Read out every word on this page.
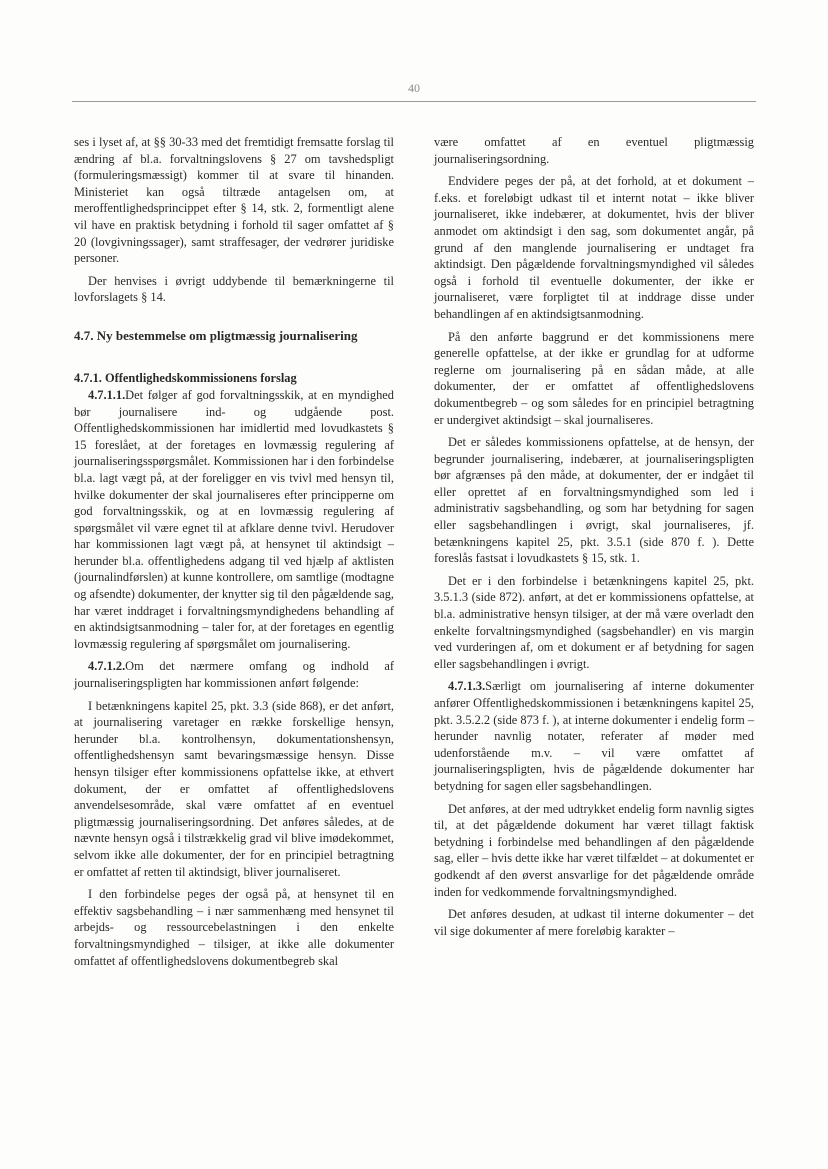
40

ses i lyset af, at §§ 30-33 med det fremtidigt fremsatte forslag til ændring af bl.a. forvaltningslovens § 27 om tavshedspligt (formuleringsmæssigt) kommer til at svare til hinanden. Ministeriet kan også tiltræde antagelsen om, at meroffentlighedsprincippet efter § 14, stk. 2, formentligt alene vil have en praktisk betydning i forhold til sager omfattet af § 20 (lovgivningssager), samt straffesager, der vedrører juridiske personer.

Der henvises i øvrigt uddybende til bemærkningerne til lovforslagets § 14.

4.7. Ny bestemmelse om pligtmæssig journalisering
4.7.1. Offentlighedskommissionens forslag

4.7.1.1.Det følger af god forvaltningsskik, at en myndighed bør journalisere ind- og udgående post. Offentlighedskommissionen har imidlertid med lovudkastets § 15 foreslået, at der foretages en lovmæssig regulering af journaliseringsspørgsmålet. Kommissionen har i den forbindelse bl.a. lagt vægt på, at der foreligger en vis tvivl med hensyn til, hvilke dokumenter der skal journaliseres efter principperne om god forvaltningsskik, og at en lovmæssig regulering af spørgsmålet vil være egnet til at afklare denne tvivl. Herudover har kommissionen lagt vægt på, at hensynet til aktindsigt – herunder bl.a. offentlighedens adgang til ved hjælp af aktlisten (journalindførslen) at kunne kontrollere, om samtlige (modtagne og afsendte) dokumenter, der knytter sig til den pågældende sag, har været inddraget i forvaltningsmyndighedens behandling af en aktindsigtsanmodning – taler for, at der foretages en egentlig lovmæssig regulering af spørgsmålet om journalisering.

4.7.1.2.Om det nærmere omfang og indhold af journaliseringspligten har kommissionen anført følgende:

I betænkningens kapitel 25, pkt. 3.3 (side 868), er det anført, at journalisering varetager en række forskellige hensyn, herunder bl.a. kontrolhensyn, dokumentationshensyn, offentlighedshensyn samt bevaringsmæssige hensyn. Disse hensyn tilsiger efter kommissionens opfattelse ikke, at ethvert dokument, der er omfattet af offentlighedslovens anvendelsesområde, skal være omfattet af en eventuel pligtmæssig journaliseringsordning. Det anføres således, at de nævnte hensyn også i tilstrækkelig grad vil blive imødekommet, selvom ikke alle dokumenter, der for en principiel betragtning er omfattet af retten til aktindsigt, bliver journaliseret.

I den forbindelse peges der også på, at hensynet til en effektiv sagsbehandling – i nær sammenhæng med hensynet til arbejds- og ressourcebelastningen i den enkelte forvaltningsmyndighed – tilsiger, at ikke alle dokumenter omfattet af offentlighedslovens dokumentbegreb skal

være omfattet af en eventuel pligtmæssig journaliseringsordning.

Endvidere peges der på, at det forhold, at et dokument – f.eks. et foreløbigt udkast til et internt notat – ikke bliver journaliseret, ikke indebærer, at dokumentet, hvis der bliver anmodet om aktindsigt i den sag, som dokumentet angår, på grund af den manglende journalisering er undtaget fra aktindsigt. Den pågældende forvaltningsmyndighed vil således også i forhold til eventuelle dokumenter, der ikke er journaliseret, være forpligtet til at inddrage disse under behandlingen af en aktindsigtsanmodning.

På den anførte baggrund er det kommissionens mere generelle opfattelse, at der ikke er grundlag for at udforme reglerne om journalisering på en sådan måde, at alle dokumenter, der er omfattet af offentlighedslovens dokumentbegreb – og som således for en principiel betragtning er undergivet aktindsigt – skal journaliseres.

Det er således kommissionens opfattelse, at de hensyn, der begrunder journalisering, indebærer, at journaliseringspligten bør afgrænses på den måde, at dokumenter, der er indgået til eller oprettet af en forvaltningsmyndighed som led i administrativ sagsbehandling, og som har betydning for sagen eller sagsbehandlingen i øvrigt, skal journaliseres, jf. betænkningens kapitel 25, pkt. 3.5.1 (side 870 f. ). Dette foreslås fastsat i lovudkastets § 15, stk. 1.

Det er i den forbindelse i betænkningens kapitel 25, pkt. 3.5.1.3 (side 872). anført, at det er kommissionens opfattelse, at bl.a. administrative hensyn tilsiger, at der må være overladt den enkelte forvaltningsmyndighed (sagsbehandler) en vis margin ved vurderingen af, om et dokument er af betydning for sagen eller sagsbehandlingen i øvrigt.

4.7.1.3.Særligt om journalisering af interne dokumenter anfører Offentlighedskommissionen i betænkningens kapitel 25, pkt. 3.5.2.2 (side 873 f. ), at interne dokumenter i endelig form – herunder navnlig notater, referater af møder med udenforstående m.v. – vil være omfattet af journaliseringspligten, hvis de pågældende dokumenter har betydning for sagen eller sagsbehandlingen.

Det anføres, at der med udtrykket endelig form navnlig sigtes til, at det pågældende dokument har været tillagt faktisk betydning i forbindelse med behandlingen af den pågældende sag, eller – hvis dette ikke har været tilfældet – at dokumentet er godkendt af den øverst ansvarlige for det pågældende område inden for vedkommende forvaltningsmyndighed.

Det anføres desuden, at udkast til interne dokumenter – det vil sige dokumenter af mere foreløbig karakter –
